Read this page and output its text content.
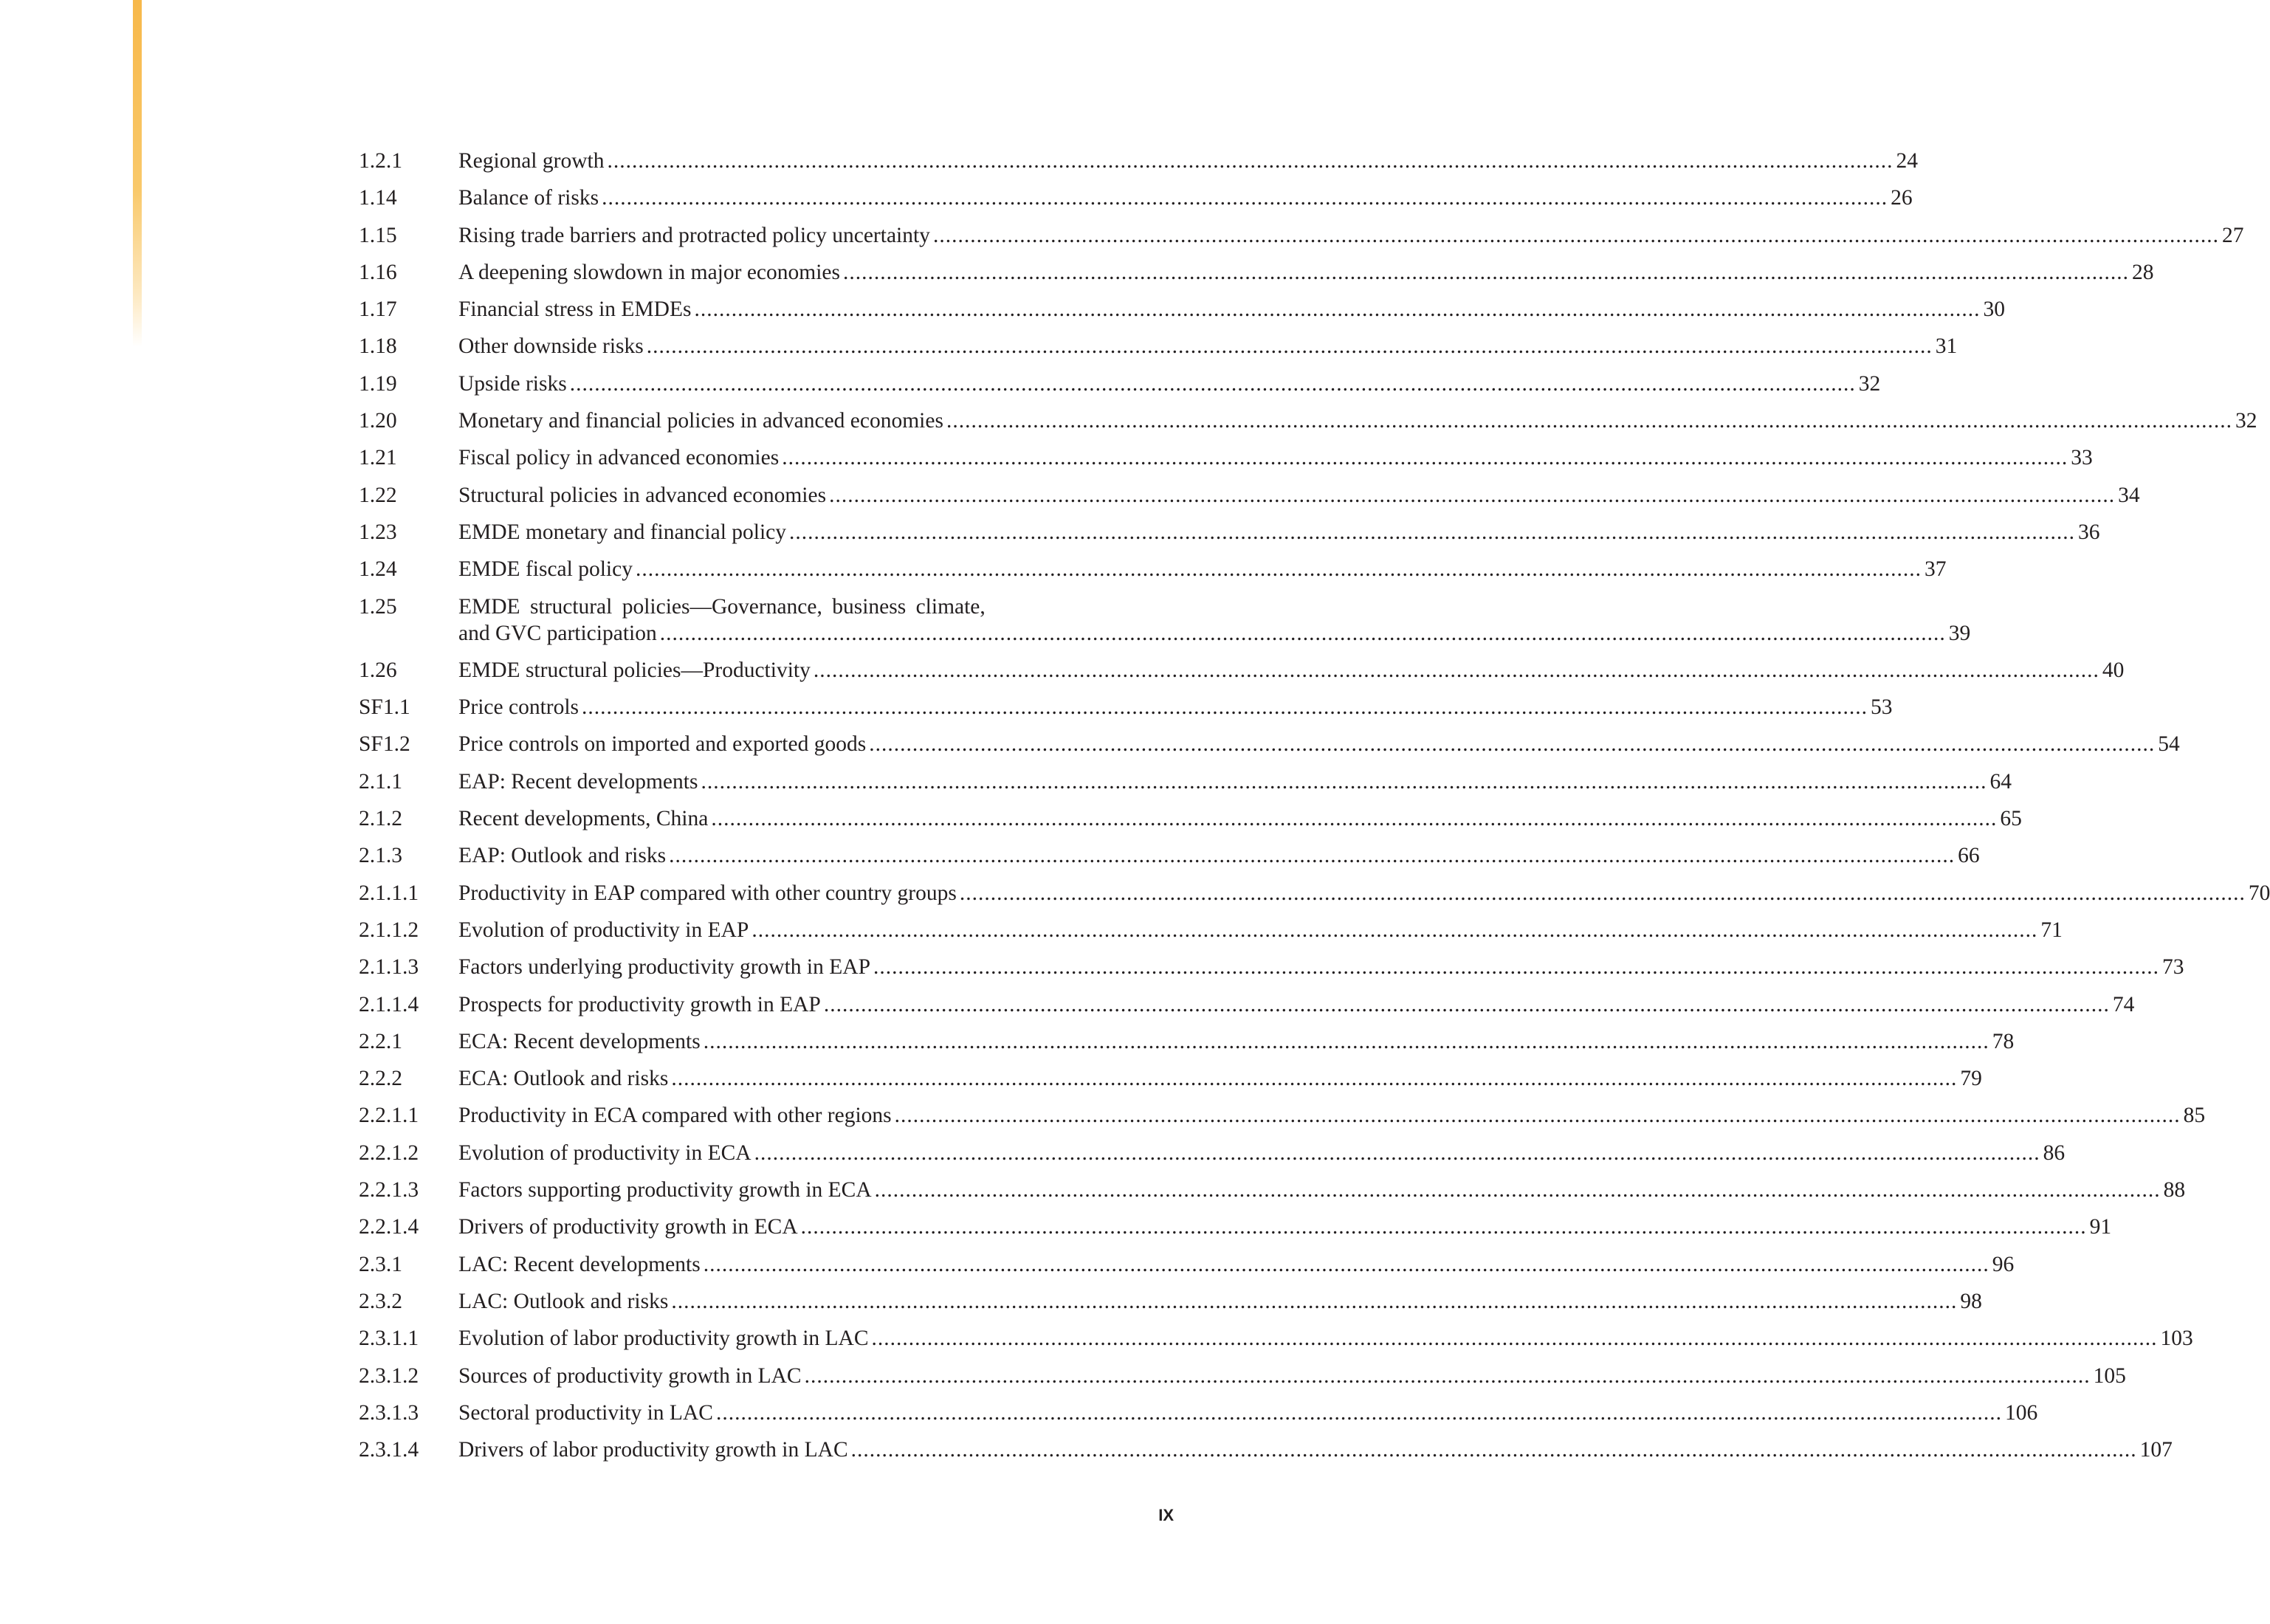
1.2.1	Regional growth .....	24
1.14	Balance of risks .....	26
1.15	Rising trade barriers and protracted policy uncertainty .....	27
1.16	A deepening slowdown in major economies .....	28
1.17	Financial stress in EMDEs .....	30
1.18	Other downside risks .....	31
1.19	Upside risks .....	32
1.20	Monetary and financial policies in advanced economies .....	32
1.21	Fiscal policy in advanced economies .....	33
1.22	Structural policies in advanced economies .....	34
1.23	EMDE monetary and financial policy .....	36
1.24	EMDE fiscal policy .....	37
1.25	EMDE structural policies—Governance, business climate,
and GVC participation .....	39
1.26	EMDE structural policies—Productivity .....	40
SF1.1	Price controls .....	53
SF1.2	Price controls on imported and exported goods .....	54
2.1.1	EAP: Recent developments .....	64
2.1.2	Recent developments, China .....	65
2.1.3	EAP: Outlook and risks .....	66
2.1.1.1	Productivity in EAP compared with other country groups .....	70
2.1.1.2	Evolution of productivity in EAP .....	71
2.1.1.3	Factors underlying productivity growth in EAP .....	73
2.1.1.4	Prospects for productivity growth in EAP .....	74
2.2.1	ECA: Recent developments .....	78
2.2.2	ECA: Outlook and risks .....	79
2.2.1.1	Productivity in ECA compared with other regions .....	85
2.2.1.2	Evolution of productivity in ECA .....	86
2.2.1.3	Factors supporting productivity growth in ECA .....	88
2.2.1.4	Drivers of productivity growth in ECA .....	91
2.3.1	LAC: Recent developments .....	96
2.3.2	LAC: Outlook and risks .....	98
2.3.1.1	Evolution of labor productivity growth in LAC .....	103
2.3.1.2	Sources of productivity growth in LAC .....	105
2.3.1.3	Sectoral productivity in LAC .....	106
2.3.1.4	Drivers of labor productivity growth in LAC .....	107
IX
